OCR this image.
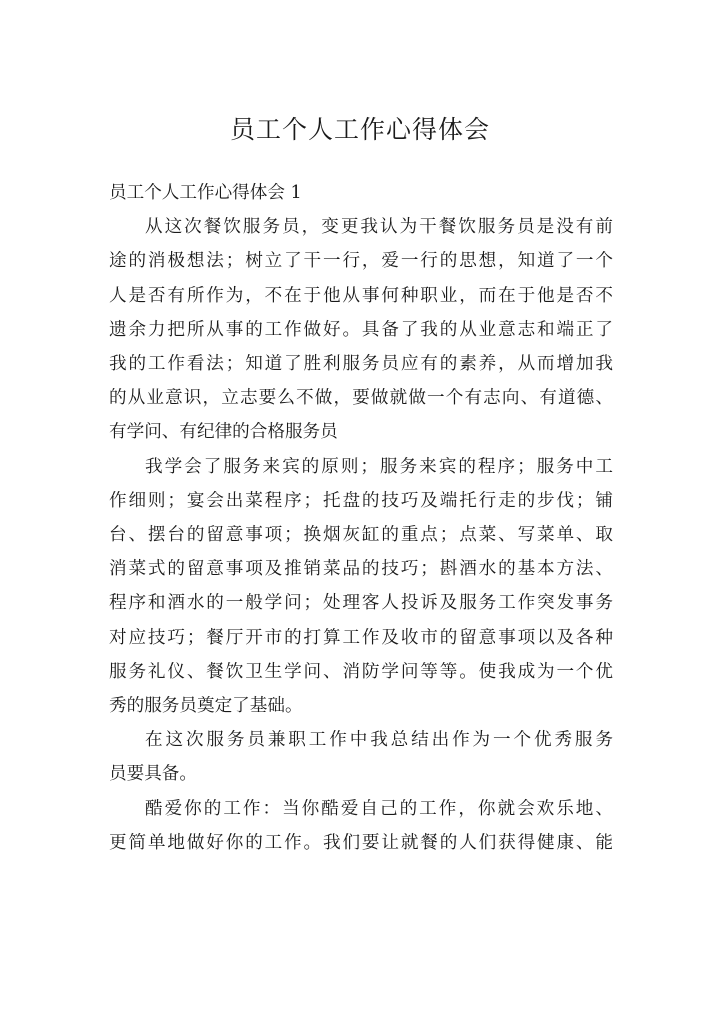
员工个人工作心得体会

员工个人工作心得体会 1

从这次餐饮服务员，变更我认为干餐饮服务员是没有前
途的消极想法；树立了干一行，爱一行的思想，知道了一个
人是否有所作为，不在于他从事何种职业，而在于他是否不
遗余力把所从事的工作做好。具备了我的从业意志和端正了
我的工作看法；知道了胜利服务员应有的素养，从而增加我
的从业意识，立志要么不做，要做就做一个有志向、有道德、
有学问、有纪律的合格服务员

我学会了服务来宾的原则；服务来宾的程序；服务中工
作细则；宴会出菜程序；托盘的技巧及端托行走的步伐；铺
台、摆台的留意事项；换烟灰缸的重点；点菜、写菜单、取
消菜式的留意事项及推销菜品的技巧；斟酒水的基本方法、
程序和酒水的一般学问；处理客人投诉及服务工作突发事务
对应技巧；餐厅开市的打算工作及收市的留意事项以及各种
服务礼仪、餐饮卫生学问、消防学问等等。使我成为一个优
秀的服务员奠定了基础。

在这次服务员兼职工作中我总结出作为一个优秀服务
员要具备。

酷爱你的工作：当你酷爱自己的工作，你就会欢乐地、
更简单地做好你的工作。我们要让就餐的人们获得健康、能
